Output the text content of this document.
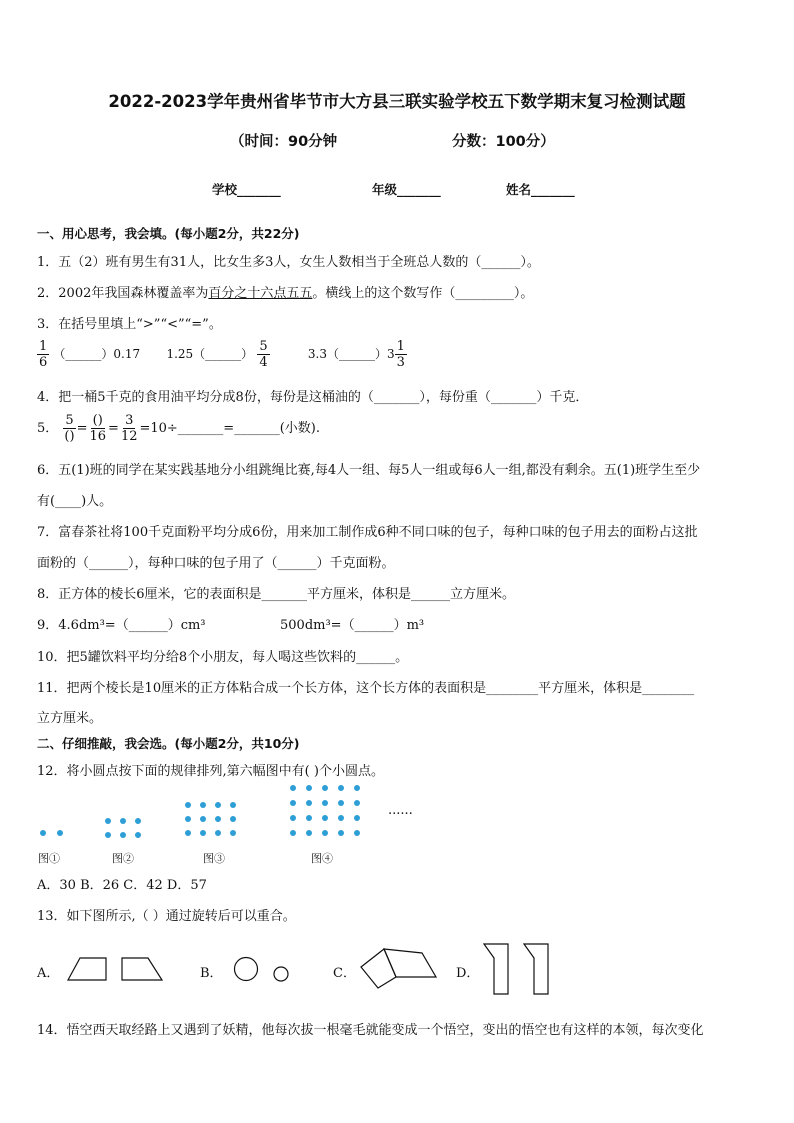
2022-2023学年贵州省毕节市大方县三联实验学校五下数学期末复习检测试题
（时间：90分钟	分数：100分）
学校_______	年级_______	姓名_______
一、用心思考，我会填。(每小题2分，共22分)
1．五（2）班有男生有31人，比女生多3人，女生人数相当于全班总人数的（______）。
2．2002年我国森林覆盖率为百分之十六点五五。横线上的这个数写作（_________）。
3．在括号里填上“>”“<”“=”。
$\frac{1}{6}$ （______）0.17 1.25（______） $\frac{5}{4}$	3.3（______）3 $\frac{1}{3}$
4．把一桶5千克的食用油平均分成8份，每份是这桶油的（_______），每份重（_______）千克．
5． $\frac{5}{()} = \frac{()}{16} = \frac{3}{12}$ =10÷_______=_______(小数).
6．五(1)班的同学在某实践基地分小组跳绳比赛,每4人一组、每5人一组或每6人一组,都没有剩余。五(1)班学生至少
有(____)人。
7．富春茶社将100千克面粉平均分成6份，用来加工制作成6种不同口味的包子，每种口味的包子用去的面粉占这批
面粉的（______），每种口味的包子用了（______）千克面粉。
8．正方体的棱长6厘米，它的表面积是_______平方厘米，体积是______立方厘米。
9．4.6dm³=（______）cm³	500dm³=（______）m³
10．把5罐饮料平均分给8个小朋友，每人喝这些饮料的______。
11．把两个棱长是10厘米的正方体粘合成一个长方体，这个长方体的表面积是________平方厘米，体积是________
立方厘米。
二、仔细推敲，我会选。(每小题2分，共10分)
12．将小圆点按下面的规律排列,第六幅图中有( )个小圆点。
......
图①	图②	图③	图④
A．30 B．26 C．42 D．57
13．如下图所示,（ ）通过旋转后可以重合。
A．	B．	C．	D．
14．悟空西天取经路上又遇到了妖精，他每次拔一根毫毛就能变成一个悟空，变出的悟空也有这样的本领，每次变化
